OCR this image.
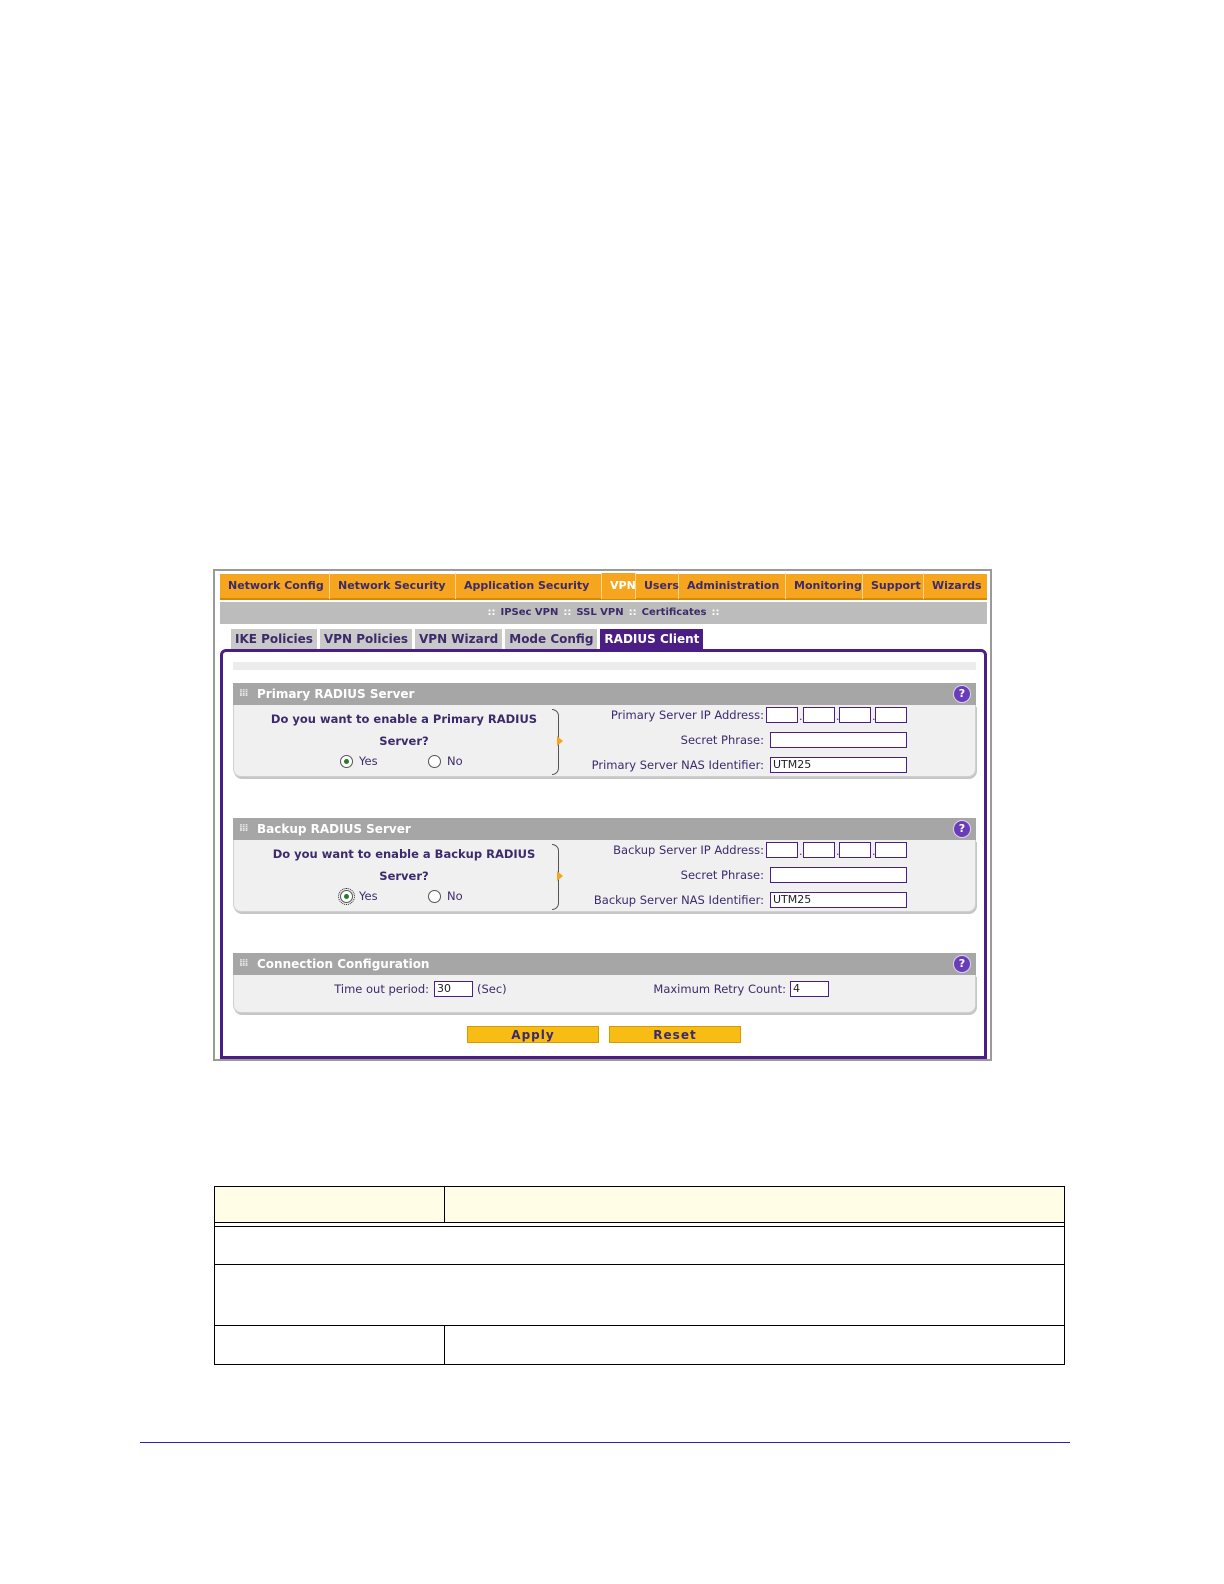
Network Config	Network Security	Application Security	VPN Users Administration	Monitoring Support	Wizards
:: IPSec VPN :: SSL VPN :: Certificates ::
IKE Policies VPN Policies VPN Wizard Mode Config RADIUS Client
⁞⁞⁞ Primary RADIUS Server	?
Do you want to enable a Primary RADIUS
Server?
Yes	No
Primary Server IP Address:	.	.	.
Secret Phrase:
Primary Server NAS Identifier: UTM25
⁞⁞⁞ Backup RADIUS Server	?
Do you want to enable a Backup RADIUS
Server?
Yes	No
Backup Server IP Address:	.	.	.
Secret Phrase:
Backup Server NAS Identifier: UTM25
⁞⁞⁞ Connection Configuration	?
Time out period: 30	(Sec)	Maximum Retry Count: 4
Apply	Reset
